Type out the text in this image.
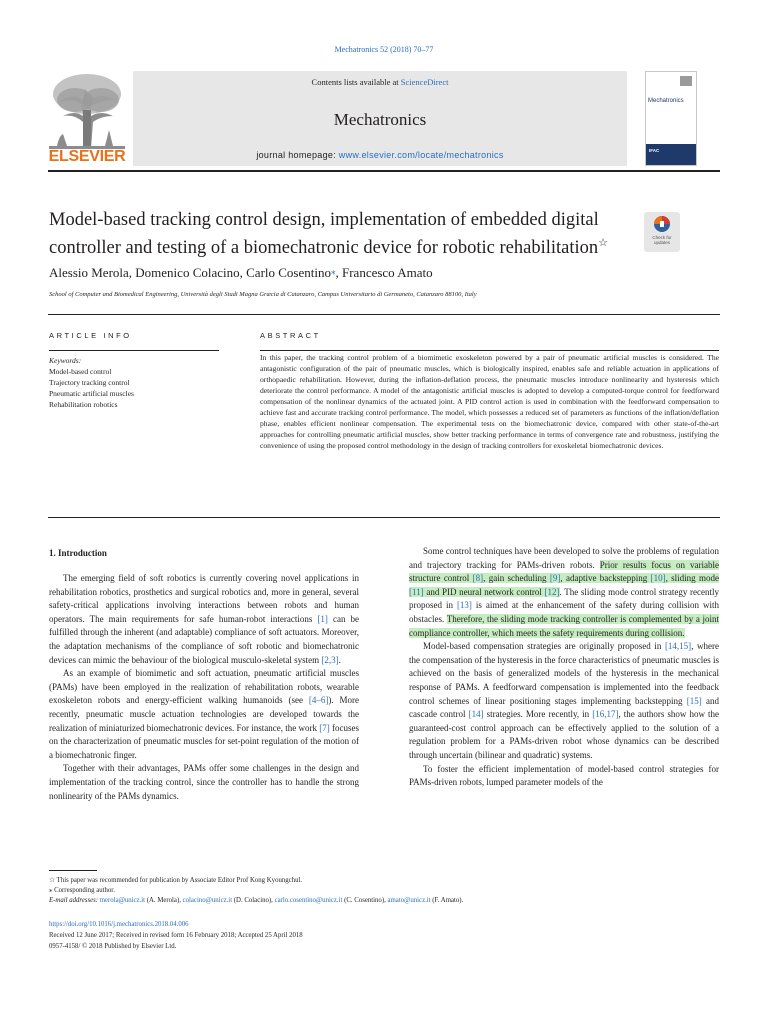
Mechatronics 52 (2018) 70–77
ELSEVIER
Contents lists available at ScienceDirect
Mechatronics
journal homepage: www.elsevier.com/locate/mechatronics
Mechatronics
IFAC
Model-based tracking control design, implementation of embedded digital controller and testing of a biomechatronic device for robotic rehabilitation☆	Check for
updates
Alessio Merola, Domenico Colacino, Carlo Cosentino⁎, Francesco Amato
School of Computer and Biomedical Engineering, Università degli Studi Magna Græcia di Catanzaro, Campus Universitario di Germaneto, Catanzaro 88100, Italy
ARTICLE INFO
Keywords:
Model-based control
Trajectory tracking control
Pneumatic artificial muscles
Rehabilitation robotics
ABSTRACT
In this paper, the tracking control problem of a biomimetic exoskeleton powered by a pair of pneumatic artificial muscles is considered. The antagonistic configuration of the pair of pneumatic muscles, which is biologically inspired, enables safe and reliable actuation in applications of orthopaedic rehabilitation. However, during the inflation-deflation process, the pneumatic muscles introduce nonlinearity and hysteresis which deteriorate the control performance. A model of the antagonistic artificial muscles is adopted to develop a computed-torque control for feedforward compensation of the nonlinear dynamics of the actuated joint. A PID control action is used in combination with the feedforward compensation to achieve fast and accurate tracking control performance. The model, which possesses a reduced set of parameters as functions of the inflation/deflation phase, enables efficient nonlinear compensation. The experimental tests on the biomechatronic device, compared with other state-of-the-art approaches for controlling pneumatic artificial muscles, show better tracking performance in terms of convergence rate and robustness, justifying the convenience of using the proposed control methodology in the design of tracking controllers for exoskeletal biomechatronic devices.
1. Introduction

The emerging field of soft robotics is currently covering novel applications in rehabilitation robotics, prosthetics and surgical robotics and, more in general, several safety-critical applications involving interactions between robots and human operators. The main requirements for safe human-robot interactions [1] can be fulfilled through the inherent (and adaptable) compliance of soft actuators. Moreover, the adaptation mechanisms of the compliance of soft robotic and biomechatronic devices can mimic the behaviour of the biological musculo-skeletal system [2,3].

As an example of biomimetic and soft actuation, pneumatic artificial muscles (PAMs) have been employed in the realization of rehabilitation robots, wearable exoskeleton robots and energy-efficient walking humanoids (see [4–6]). More recently, pneumatic muscle actuation technologies are developed towards the realization of miniaturized biomechatronic devices. For instance, the work [7] focuses on the characterization of pneumatic muscles for set-point regulation of the motion of a biomechatronic finger.

Together with their advantages, PAMs offer some challenges in the design and implementation of the tracking control, since the controller has to handle the strong nonlinearity of the PAMs dynamics.

Some control techniques have been developed to solve the problems of regulation and trajectory tracking for PAMs-driven robots. Prior results focus on variable structure control [8], gain scheduling [9], adaptive backstepping [10], sliding mode [11] and PID neural network control [12]. The sliding mode control strategy recently proposed in [13] is aimed at the enhancement of the safety during collision with obstacles. Therefore, the sliding mode tracking controller is complemented by a joint compliance controller, which meets the safety requirements during collision.

Model-based compensation strategies are originally proposed in [14,15], where the compensation of the hysteresis in the force characteristics of pneumatic muscles is achieved on the basis of generalized models of the hysteresis in the mechanical response of PAMs. A feedforward compensation is implemented into the feedback control schemes of linear positioning stages implementing backstepping [15] and cascade control [14] strategies. More recently, in [16,17], the authors show how the guaranteed-cost control approach can be effectively applied to the solution of a regulation problem for a PAMs-driven robot whose dynamics can be described through uncertain (bilinear and quadratic) systems.

To foster the efficient implementation of model-based control strategies for PAMs-driven robots, lumped parameter models of the

☆ This paper was recommended for publication by Associate Editor Prof Kong Kyoungchul.
⁎ Corresponding author.
E-mail addresses: merola@unicz.it (A. Merola), colacino@unicz.it (D. Colacino), carlo.cosentino@unicz.it (C. Cosentino), amato@unicz.it (F. Amato).
https://doi.org/10.1016/j.mechatronics.2018.04.006
Received 12 June 2017; Received in revised form 16 February 2018; Accepted 25 April 2018
0957-4158/ © 2018 Published by Elsevier Ltd.
